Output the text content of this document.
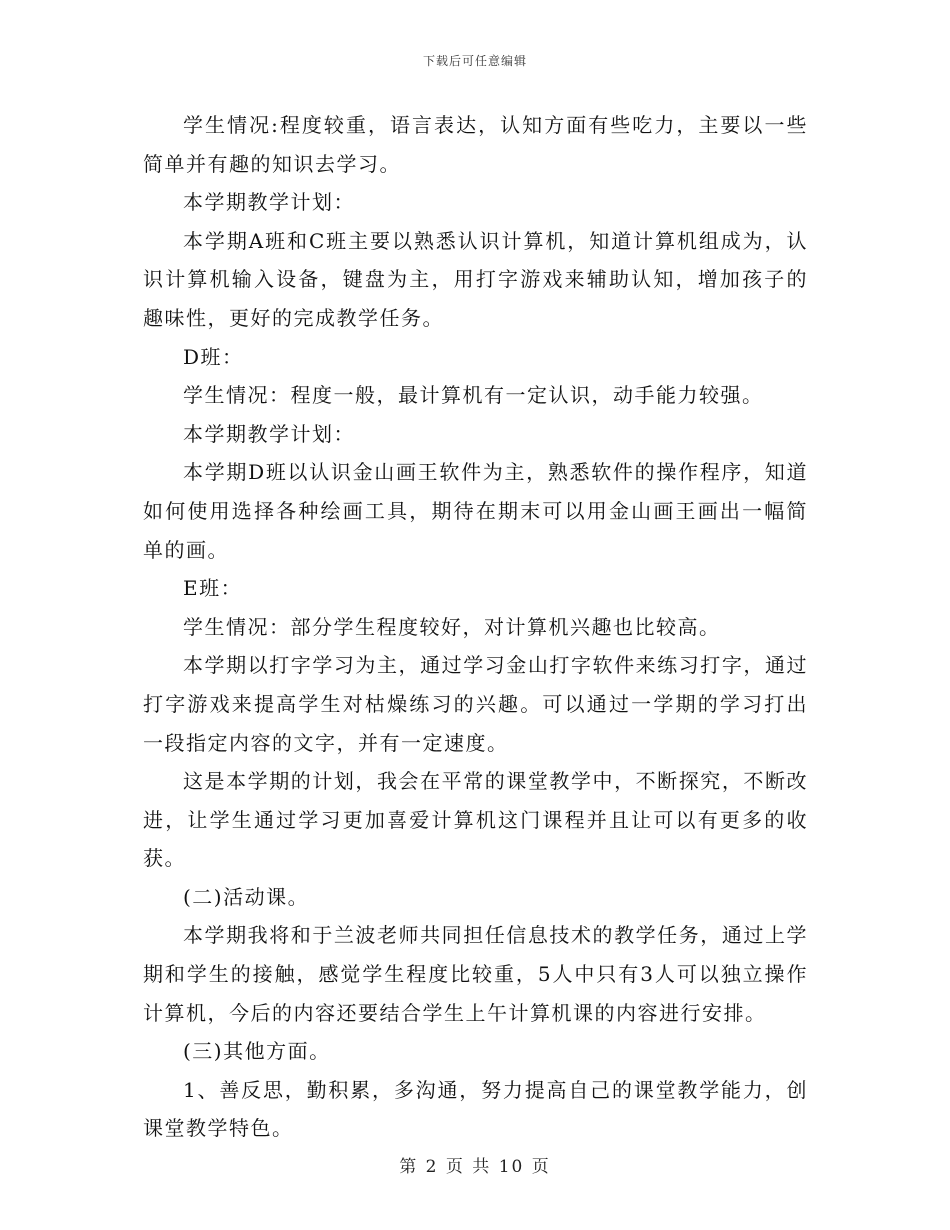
下载后可任意编辑

学生情况:程度较重，语言表达，认知方面有些吃力，主要以一些简单并有趣的知识去学习。

本学期教学计划：

本学期A班和C班主要以熟悉认识计算机，知道计算机组成为，认识计算机输入设备，键盘为主，用打字游戏来辅助认知，增加孩子的趣味性，更好的完成教学任务。

D班：

学生情况：程度一般，最计算机有一定认识，动手能力较强。

本学期教学计划：

本学期D班以认识金山画王软件为主，熟悉软件的操作程序，知道如何使用选择各种绘画工具，期待在期末可以用金山画王画出一幅简单的画。

E班：

学生情况：部分学生程度较好，对计算机兴趣也比较高。

本学期以打字学习为主，通过学习金山打字软件来练习打字，通过打字游戏来提高学生对枯燥练习的兴趣。可以通过一学期的学习打出一段指定内容的文字，并有一定速度。

这是本学期的计划，我会在平常的课堂教学中，不断探究，不断改进，让学生通过学习更加喜爱计算机这门课程并且让可以有更多的收获。

(二)活动课。

本学期我将和于兰波老师共同担任信息技术的教学任务，通过上学期和学生的接触，感觉学生程度比较重，5人中只有3人可以独立操作计算机，今后的内容还要结合学生上午计算机课的内容进行安排。

(三)其他方面。

1、善反思，勤积累，多沟通，努力提高自己的课堂教学能力，创课堂教学特色。

第 2 页 共 10 页
